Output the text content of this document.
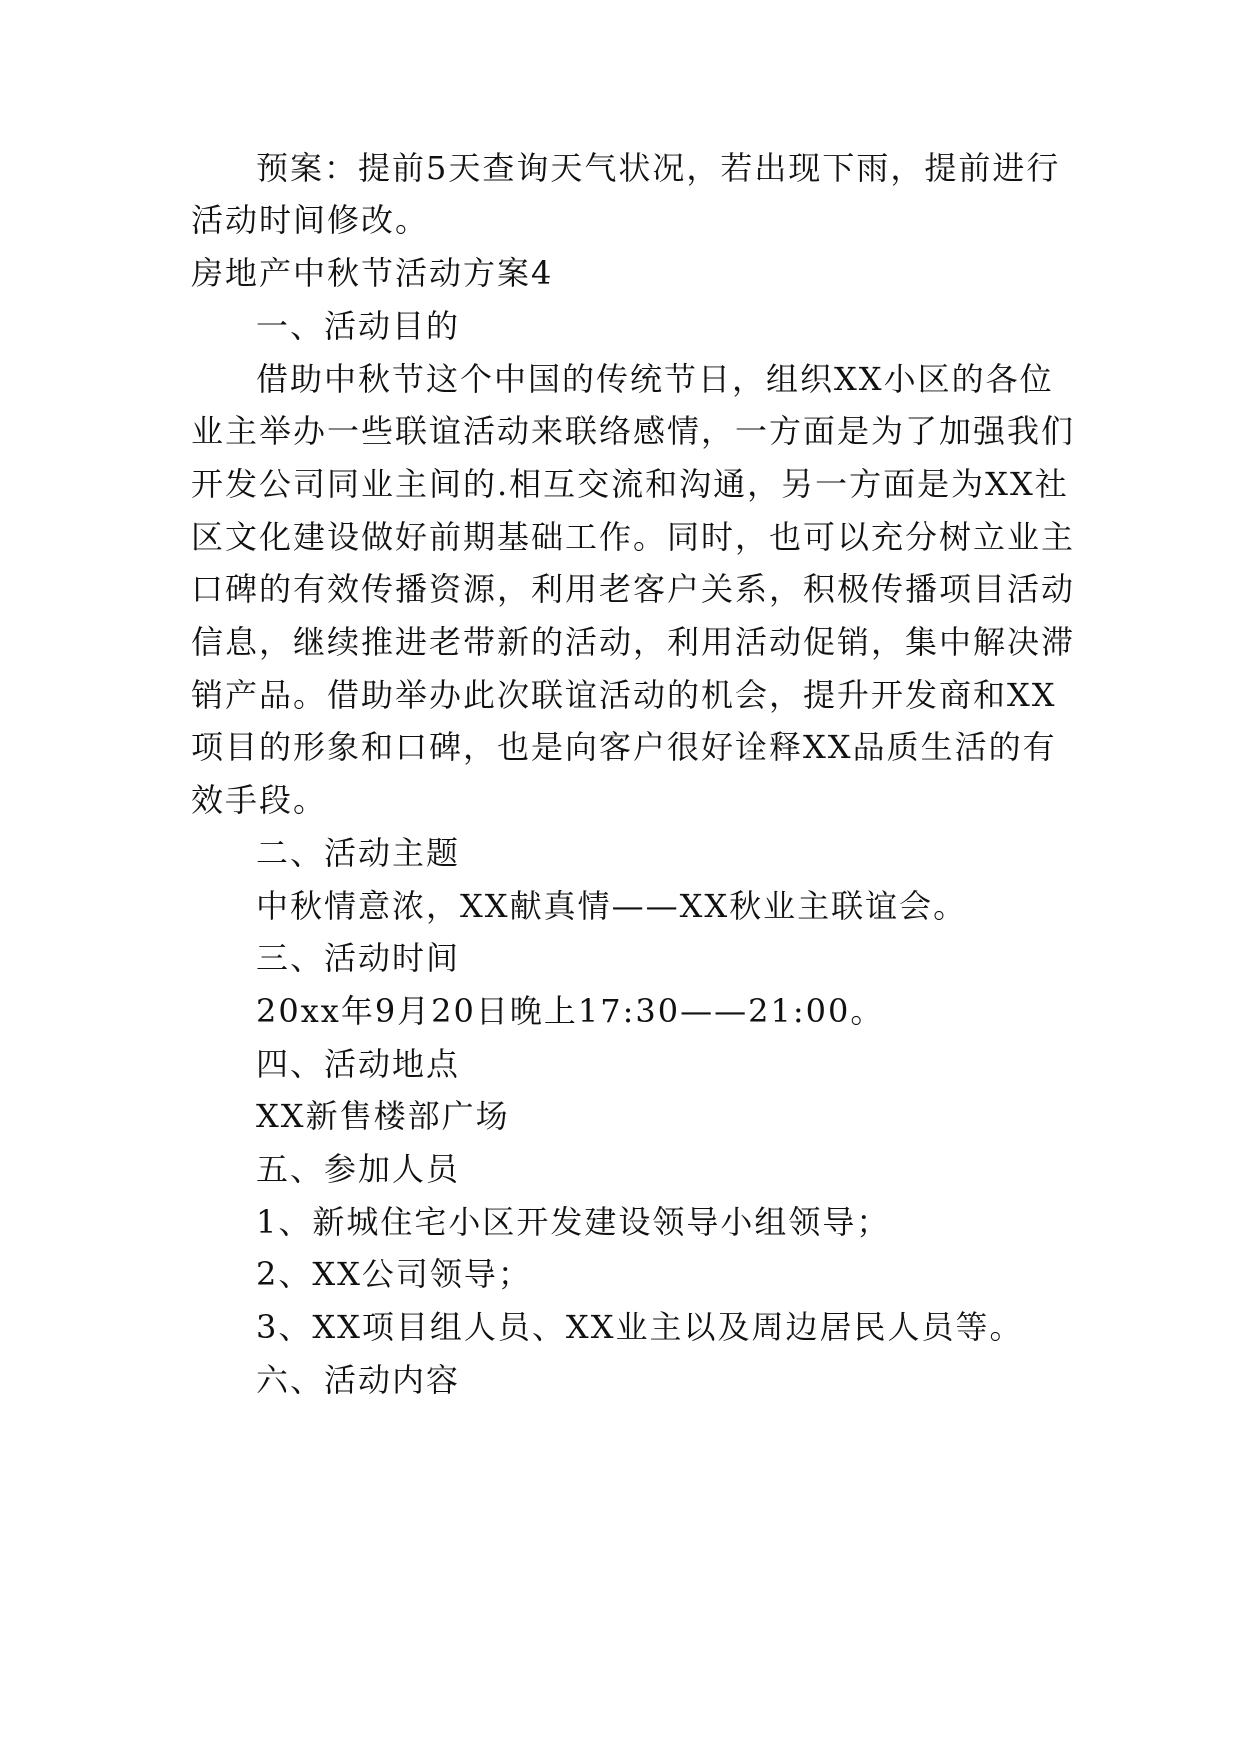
预案：提前5天查询天气状况，若出现下雨，提前进行
活动时间修改。
房地产中秋节活动方案4
一、活动目的
借助中秋节这个中国的传统节日，组织XX小区的各位
业主举办一些联谊活动来联络感情，一方面是为了加强我们
开发公司同业主间的.相互交流和沟通，另一方面是为XX社
区文化建设做好前期基础工作。同时，也可以充分树立业主
口碑的有效传播资源，利用老客户关系，积极传播项目活动
信息，继续推进老带新的活动，利用活动促销，集中解决滞
销产品。借助举办此次联谊活动的机会，提升开发商和XX
项目的形象和口碑，也是向客户很好诠释XX品质生活的有
效手段。
二、活动主题
中秋情意浓，XX献真情——XX秋业主联谊会。
三、活动时间
20xx年9月20日晚上17:30——21:00。
四、活动地点
XX新售楼部广场
五、参加人员
1、新城住宅小区开发建设领导小组领导；
2、XX公司领导；
3、XX项目组人员、XX业主以及周边居民人员等。
六、活动内容
